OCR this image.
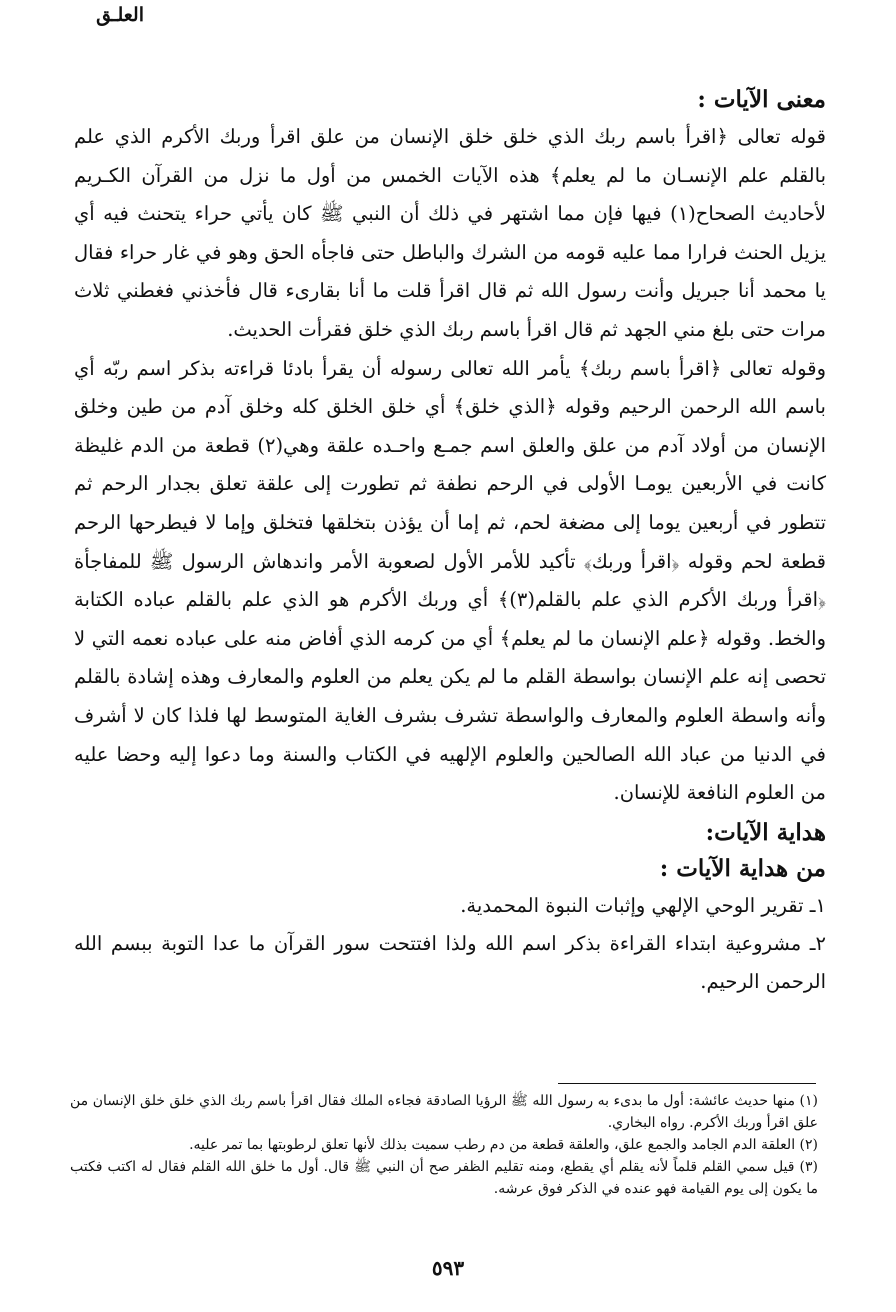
العلـق

معنى الآيات :

قوله تعالى ﴿اقرأ باسم ربك الذي خلق خلق الإنسان من علق اقرأ وربك الأكرم الذي علم بالقلم علم الإنسـان ما لم يعلم﴾ هذه الآيات الخمس من أول ما نزل من القرآن الكـريم لأحاديث الصحاح(١) فيها فإن مما اشتهر في ذلك أن النبي ﷺ كان يأتي حراء يتحنث فيه أي يزيل الحنث فرارا مما عليه قومه من الشرك والباطل حتى فاجأه الحق وهو في غار حراء فقال يا محمد أنا جبريل وأنت رسول الله ثم قال اقرأ قلت ما أنا بقارىء قال فأخذني فغطني ثلاث مرات حتى بلغ مني الجهد ثم قال اقرأ باسم ربك الذي خلق فقرأت الحديث.

وقوله تعالى ﴿اقرأ باسم ربك﴾ يأمر الله تعالى رسوله أن يقرأ بادئا قراءته بذكر اسم ربّه أي باسم الله الرحمن الرحيم وقوله ﴿الذي خلق﴾ أي خلق الخلق كله وخلق آدم من طين وخلق الإنسان من أولاد آدم من علق والعلق اسم جمـع واحـده علقة وهي(٢) قطعة من الدم غليظة كانت في الأربعين يومـا الأولى في الرحم نطفة ثم تطورت إلى علقة تعلق بجدار الرحم ثم تتطور في أربعين يوما إلى مضغة لحم، ثم إما أن يؤذن بتخلقها فتخلق وإما لا فيطرحها الرحم قطعة لحم وقوله ﴿اقرأ وربك﴾ تأكيد للأمر الأول لصعوبة الأمر واندهاش الرسول ﷺ للمفاجأة ﴿اقرأ وربك الأكرم الذي علم بالقلم(٣)﴾ أي وربك الأكرم هو الذي علم بالقلم عباده الكتابة والخط. وقوله ﴿علم الإنسان ما لم يعلم﴾ أي من كرمه الذي أفاض منه على عباده نعمه التي لا تحصى إنه علم الإنسان بواسطة القلم ما لم يكن يعلم من العلوم والمعارف وهذه إشادة بالقلم وأنه واسطة العلوم والمعارف والواسطة تشرف بشرف الغاية المتوسط لها فلذا كان لا أشرف في الدنيا من عباد الله الصالحين والعلوم الإلهيه في الكتاب والسنة وما دعوا إليه وحضا عليه من العلوم النافعة للإنسان.

هداية الآيات:

من هداية الآيات :

١ـ تقرير الوحي الإلهي وإثبات النبوة المحمدية.

٢ـ مشروعية ابتداء القراءة بذكر اسم الله ولذا افتتحت سور القرآن ما عدا التوبة ببسم الله الرحمن الرحيم.

(١) منها حديث عائشة: أول ما بدىء به رسول الله ﷺ الرؤيا الصادقة فجاءه الملك فقال اقرأ باسم ربك الذي خلق خلق الإنسان من علق اقرأ وربك الأكرم. رواه البخاري.

(٢) العلقة الدم الجامد والجمع علق، والعلقة قطعة من دم رطب سميت بذلك لأنها تعلق لرطوبتها بما تمر عليه.

(٣) قيل سمي القلم قلماً لأنه يقلم أي يقطع، ومنه تقليم الظفر صح أن النبي ﷺ قال. أول ما خلق الله القلم فقال له اكتب فكتب ما يكون إلى يوم القيامة فهو عنده في الذكر فوق عرشه.

٥٩٣
